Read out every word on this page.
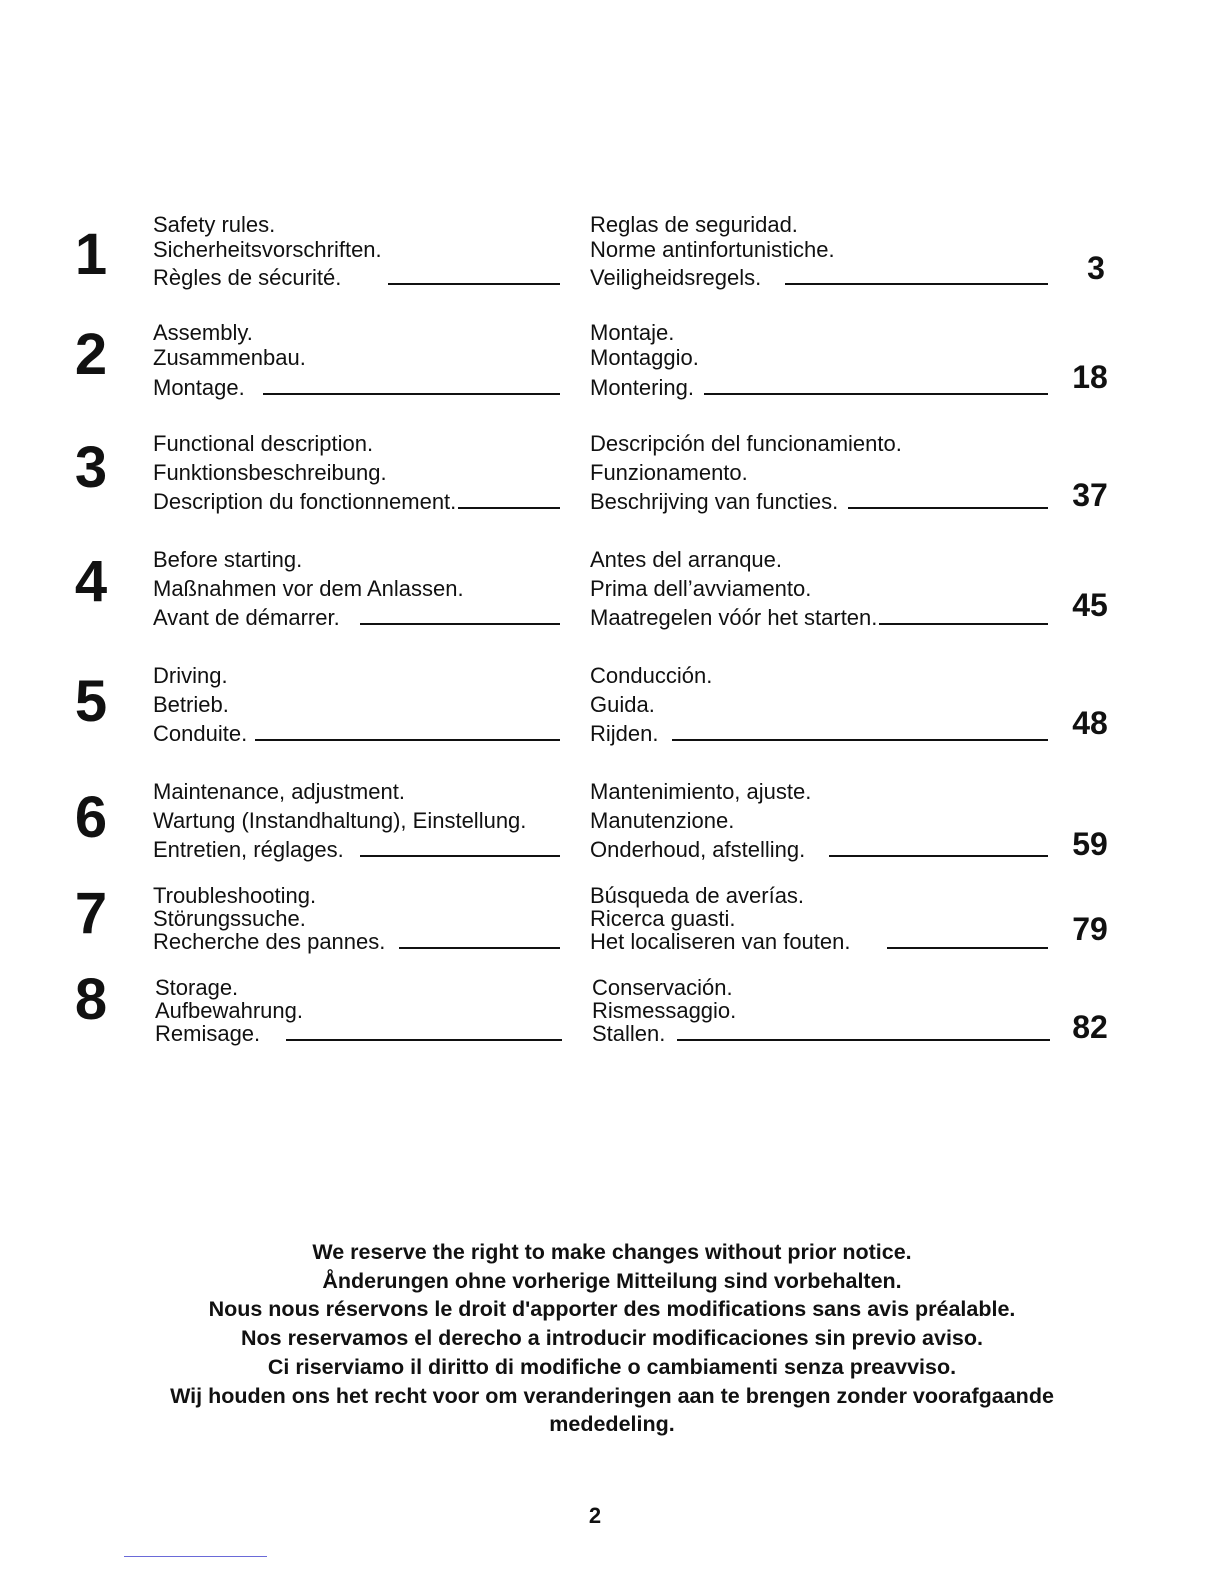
1	Safety rules.
Sicherheitsvorschriften.
Règles de sécurité.
Reglas de seguridad.
Norme antinfortunistiche.
Veiligheidsregels.	3
2	Assembly.
Zusammenbau.
Montage.
Montaje.
Montaggio.
Montering.	18
3	Functional description.
Funktionsbeschreibung.
Description du fonctionnement.
Descripción del funcionamiento.
Funzionamento.
Beschrijving van functies.	37
4	Before starting.
Maßnahmen vor dem Anlassen.
Avant de démarrer.
Antes del arranque.
Prima dell’avviamento.
Maatregelen vóór het starten.	45
5	Driving.
Betrieb.
Conduite.
Conducción.
Guida.
Rijden.	48
6	Maintenance, adjustment.
Wartung (Instandhaltung), Einstellung.
Entretien, réglages.
Mantenimiento, ajuste.
Manutenzione.
Onderhoud, afstelling.	59
7	Troubleshooting.
Störungssuche.
Recherche des pannes.
Búsqueda de averías.
Ricerca guasti.
Het localiseren van fouten.	79
8	Storage.
Aufbewahrung.
Remisage.
Conservación.
Rismessaggio.
Stallen.	82

We reserve the right to make changes without prior notice.

Ånderungen ohne vorherige Mitteilung sind vorbehalten.

Nous nous réservons le droit d'apporter des modifications sans avis préalable.

Nos reservamos el derecho a introducir modificaciones sin previo aviso.

Ci riserviamo il diritto di modifiche o cambiamenti senza preavviso.

Wij houden ons het recht voor om veranderingen aan te brengen zonder voorafgaande

mededeling.

2
